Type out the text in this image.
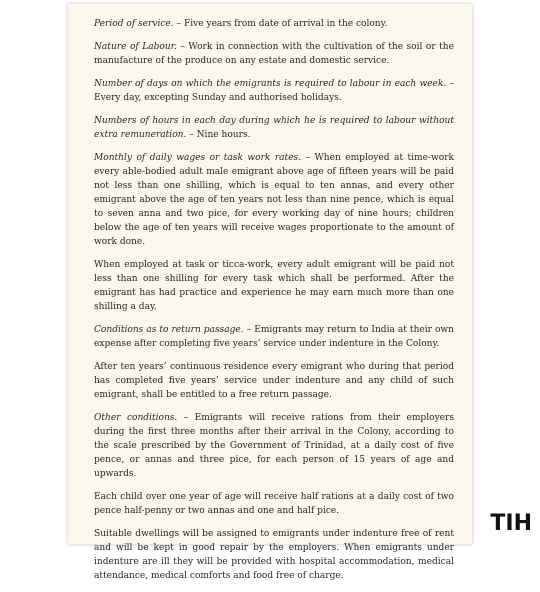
Period of service. – Five years from date of arrival in the colony.

Nature of Labour. – Work in connection with the cultivation of the soil or the manufacture of the produce on any estate and domestic service.

Number of days on which the emigrants is required to labour in each week. – Every day, excepting Sunday and authorised holidays.

Numbers of hours in each day during which he is required to labour without extra remuneration. – Nine hours.

Monthly of daily wages or task work rates. – When employed at time-work every able-bodied adult male emigrant above age of fifteen years will be paid not less than one shilling, which is equal to ten annas, and every other emigrant above the age of ten years not less than nine pence, which is equal to seven anna and two pice, for every working day of nine hours; children below the age of ten years will receive wages proportionate to the amount of work done.

When employed at task or ticca-work, every adult emigrant will be paid not less than one shilling for every task which shall be performed. After the emigrant has had practice and experience he may earn much more than one shilling a day.

Conditions as to return passage. – Emigrants may return to India at their own expense after completing five years’ service under indenture in the Colony.

After ten years’ continuous residence every emigrant who during that period has completed five years’ service under indenture and any child of such emigrant, shall be entitled to a free return passage.

Other conditions. – Emigrants will receive rations from their employers during the first three months after their arrival in the Colony, according to the scale prescribed by the Government of Trinidad, at a daily cost of five pence, or annas and three pice, for each person of 15 years of age and upwards.

Each child over one year of age will receive half rations at a daily cost of two pence half-penny or two annas and one and half pice.

Suitable dwellings will be assigned to emigrants under indenture free of rent and will be kept in good repair by the employers. When emigrants under indenture are ill they will be provided with hospital accommodation, medical attendance, medical comforts and food free of charge.

TIH
